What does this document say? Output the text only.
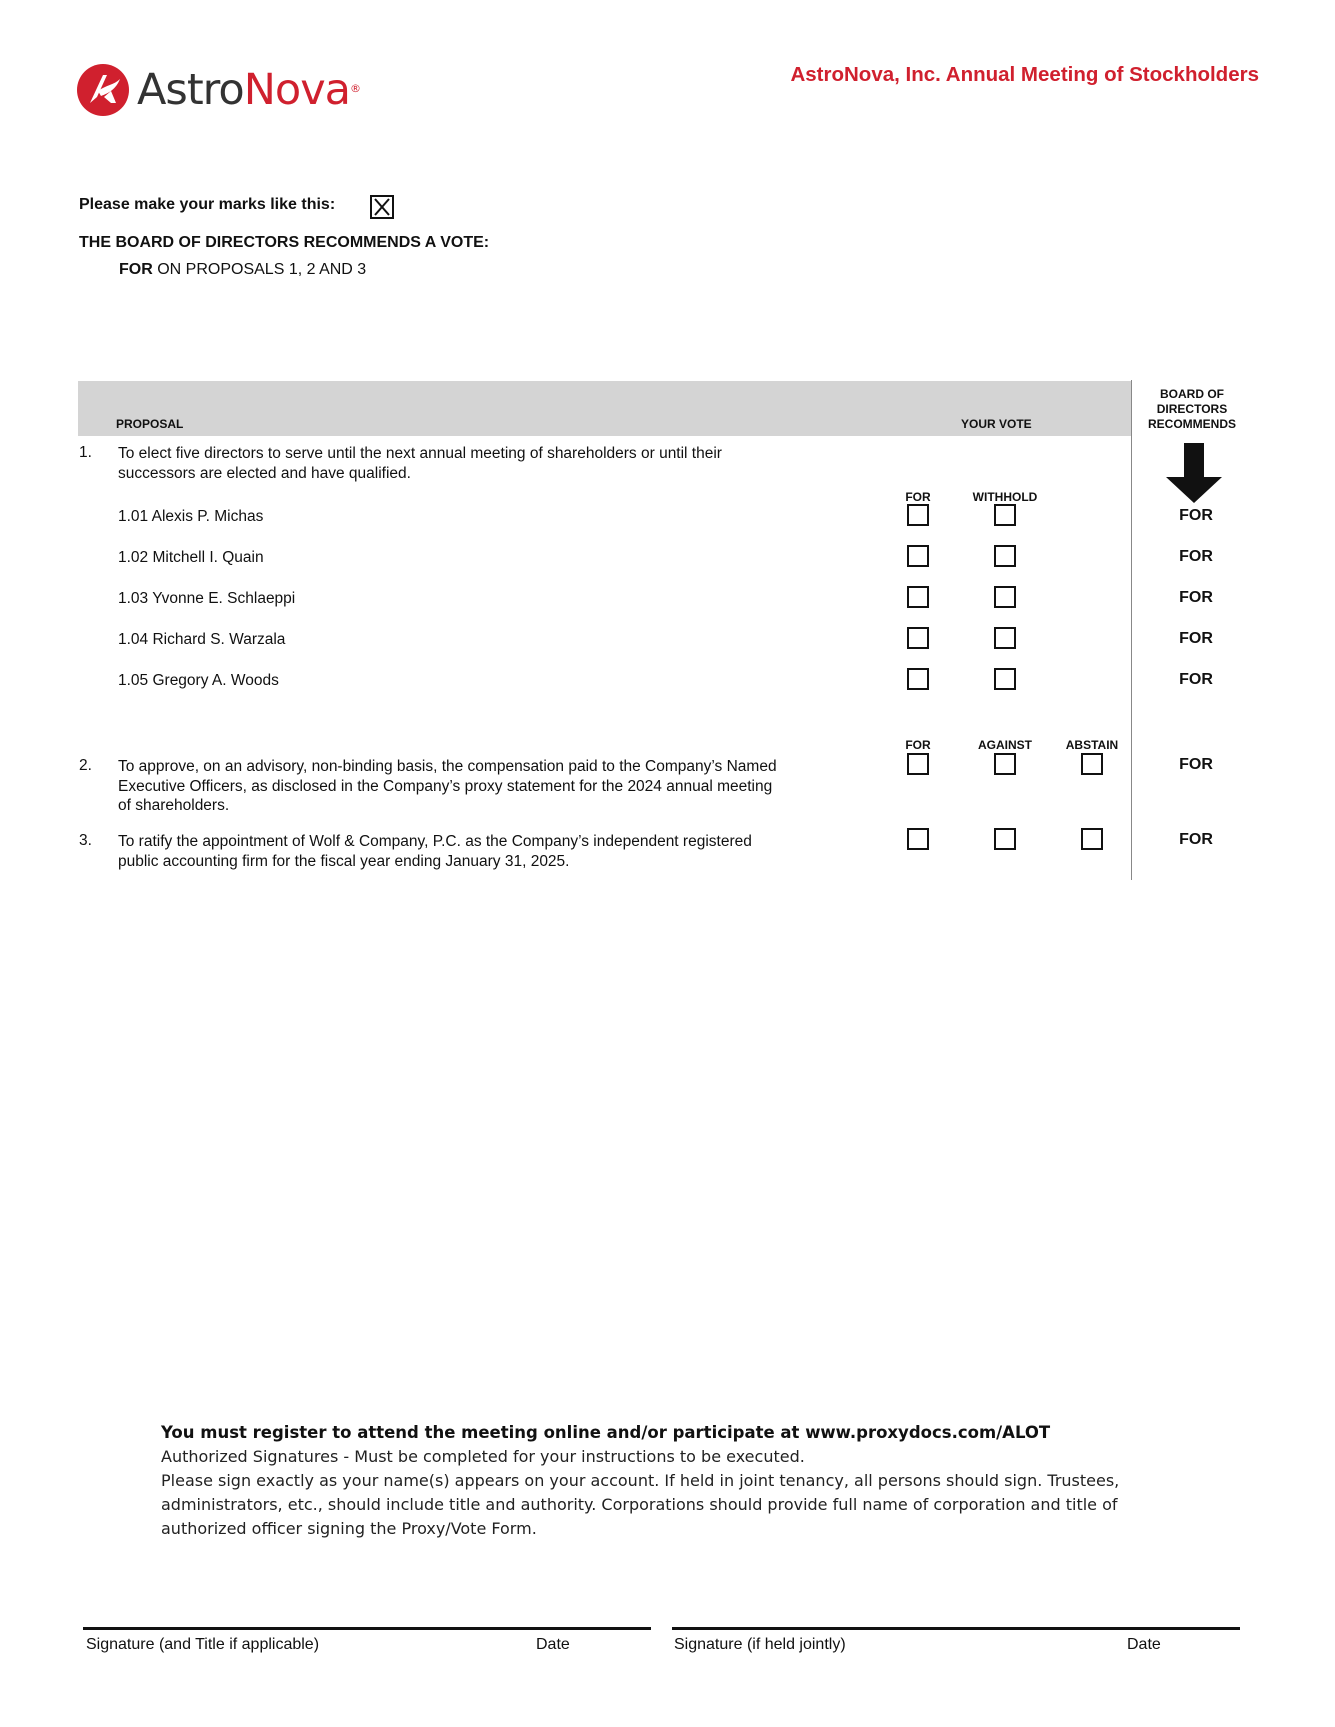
AstroNova®
AstroNova, Inc. Annual Meeting of Stockholders
Please make your marks like this:
THE BOARD OF DIRECTORS RECOMMENDS A VOTE:
FOR ON PROPOSALS 1, 2 AND 3
PROPOSAL	YOUR VOTE
BOARD OF
DIRECTORS
RECOMMENDS
1. To elect five directors to serve until the next annual meeting of shareholders or until their
successors are elected and have qualified.
FOR	WITHHOLD
1.01 Alexis P. Michas	FOR
1.02 Mitchell I. Quain	FOR
1.03 Yvonne E. Schlaeppi	FOR
1.04 Richard S. Warzala	FOR
1.05 Gregory A. Woods	FOR
FOR	AGAINST	ABSTAIN
2. To approve, on an advisory, non-binding basis, the compensation paid to the Company’s Named
Executive Officers, as disclosed in the Company’s proxy statement for the 2024 annual meeting
of shareholders.
FOR
3. To ratify the appointment of Wolf & Company, P.C. as the Company’s independent registered
public accounting firm for the fiscal year ending January 31, 2025.
FOR
You must register to attend the meeting online and/or participate at www.proxydocs.com/ALOT
Authorized Signatures - Must be completed for your instructions to be executed.
Please sign exactly as your name(s) appears on your account. If held in joint tenancy, all persons should sign. Trustees,
administrators, etc., should include title and authority. Corporations should provide full name of corporation and title of
authorized officer signing the Proxy/Vote Form.
Signature (and Title if applicable)	Date	Signature (if held jointly)	Date
